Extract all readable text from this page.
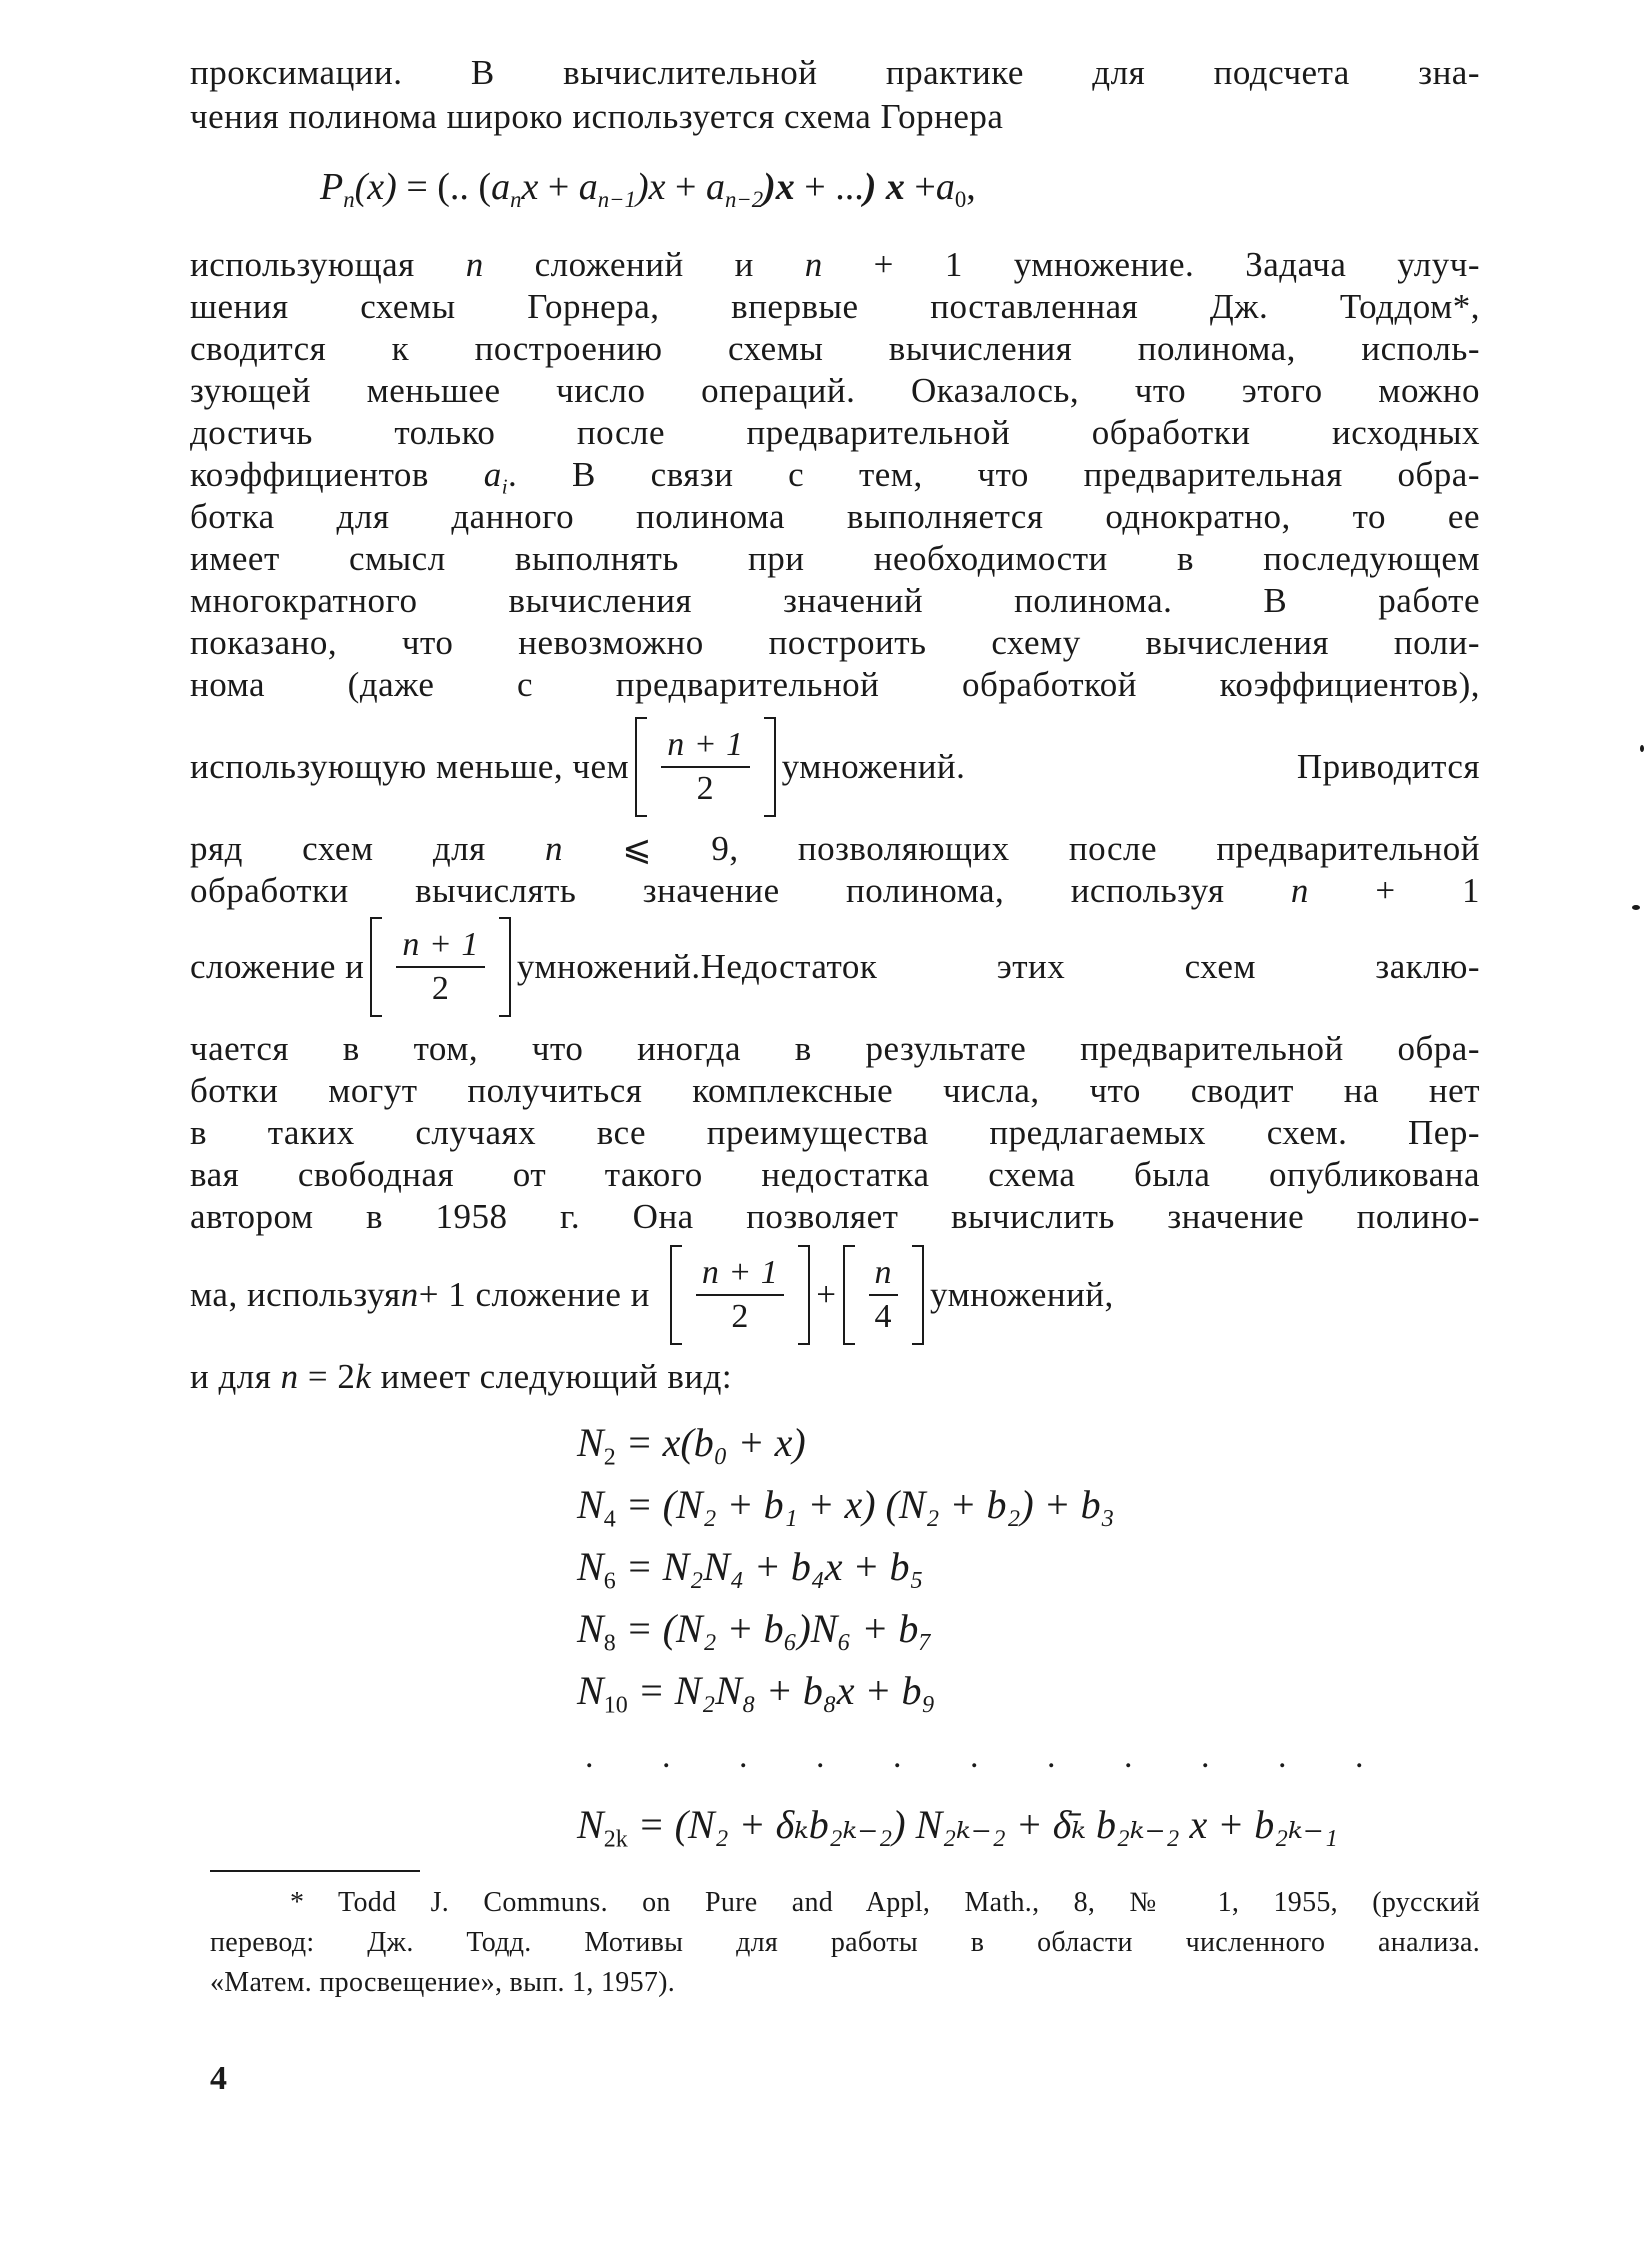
проксимации. В вычислительной практике для подсчета зна-
чения полинома широко используется схема Горнера
$P_n(x)$ = (.. $(a_nx + a_{n-1})x + a_{n-2})x$ + ...) $x +a_0$,
использующая n сложений и n + 1 умножение. Задача улуч-
шения схемы Горнера, впервые поставленная Дж. Тоддом*,
сводится к построению схемы вычисления полинома, исполь-
зующей меньшее число операций. Оказалось, что этого можно
достичь только после предварительной обработки исходных
коэффициентов $a_i$. В связи с тем, что предварительная обра-
ботка для данного полинома выполняется однократно, то ее
имеет смысл выполнять при необходимости в последующем
многократного вычисления значений полинома. В работе
показано, что невозможно построить схему вычисления поли-
нома (даже с предварительной обработкой коэффициентов),
использующую меньше, чем $\frac{n + 1}{2}$ умножений. Приводится
ряд схем для n ⩽ 9, позволяющих после предварительной
обработки вычислять значение полинома, используя n + 1
сложение и $\frac{n + 1}{2}$ умножений.Недостаток этих схем заклю-
чается в том, что иногда в результате предварительной обра-
ботки могут получиться комплексные числа, что сводит на нет
в таких случаях все преимущества предлагаемых схем. Пер-
вая свободная от такого недостатка схема была опубликована
автором в 1958 г. Она позволяет вычислить значение полино-
ма, используя n + 1 сложение и $\frac{n + 1}{2} + \frac{n}{4}$ умножений,
и для n = 2k имеет следующий вид:
$N_2 = x(b_0 + x)$
$N_4 = (N_2 + b_1 + x) (N_2 + b_2) + b_3$
$N_6 = N_2N_4 + b_4x + b_5$
$N_8 = (N_2 + b_6)N_6 + b_7$
$N_{10} = N_2N_8 + b_8x + b_9$
. . . . . . . . . . .
$N_{2k} = (N_2 + \delta_kb_{2k-2}) N_{2k-2}$ + δ̄ₖ b₂ₖ₋₂ x + b₂ₖ₋₁
* Todd J. Communs. on Pure and Appl, Math., 8, № 1, 1955, (русский
перевод: Дж. Тодд. Мотивы для работы в области численного анализа.
«Матем. просвещение», вып. 1, 1957).
4
